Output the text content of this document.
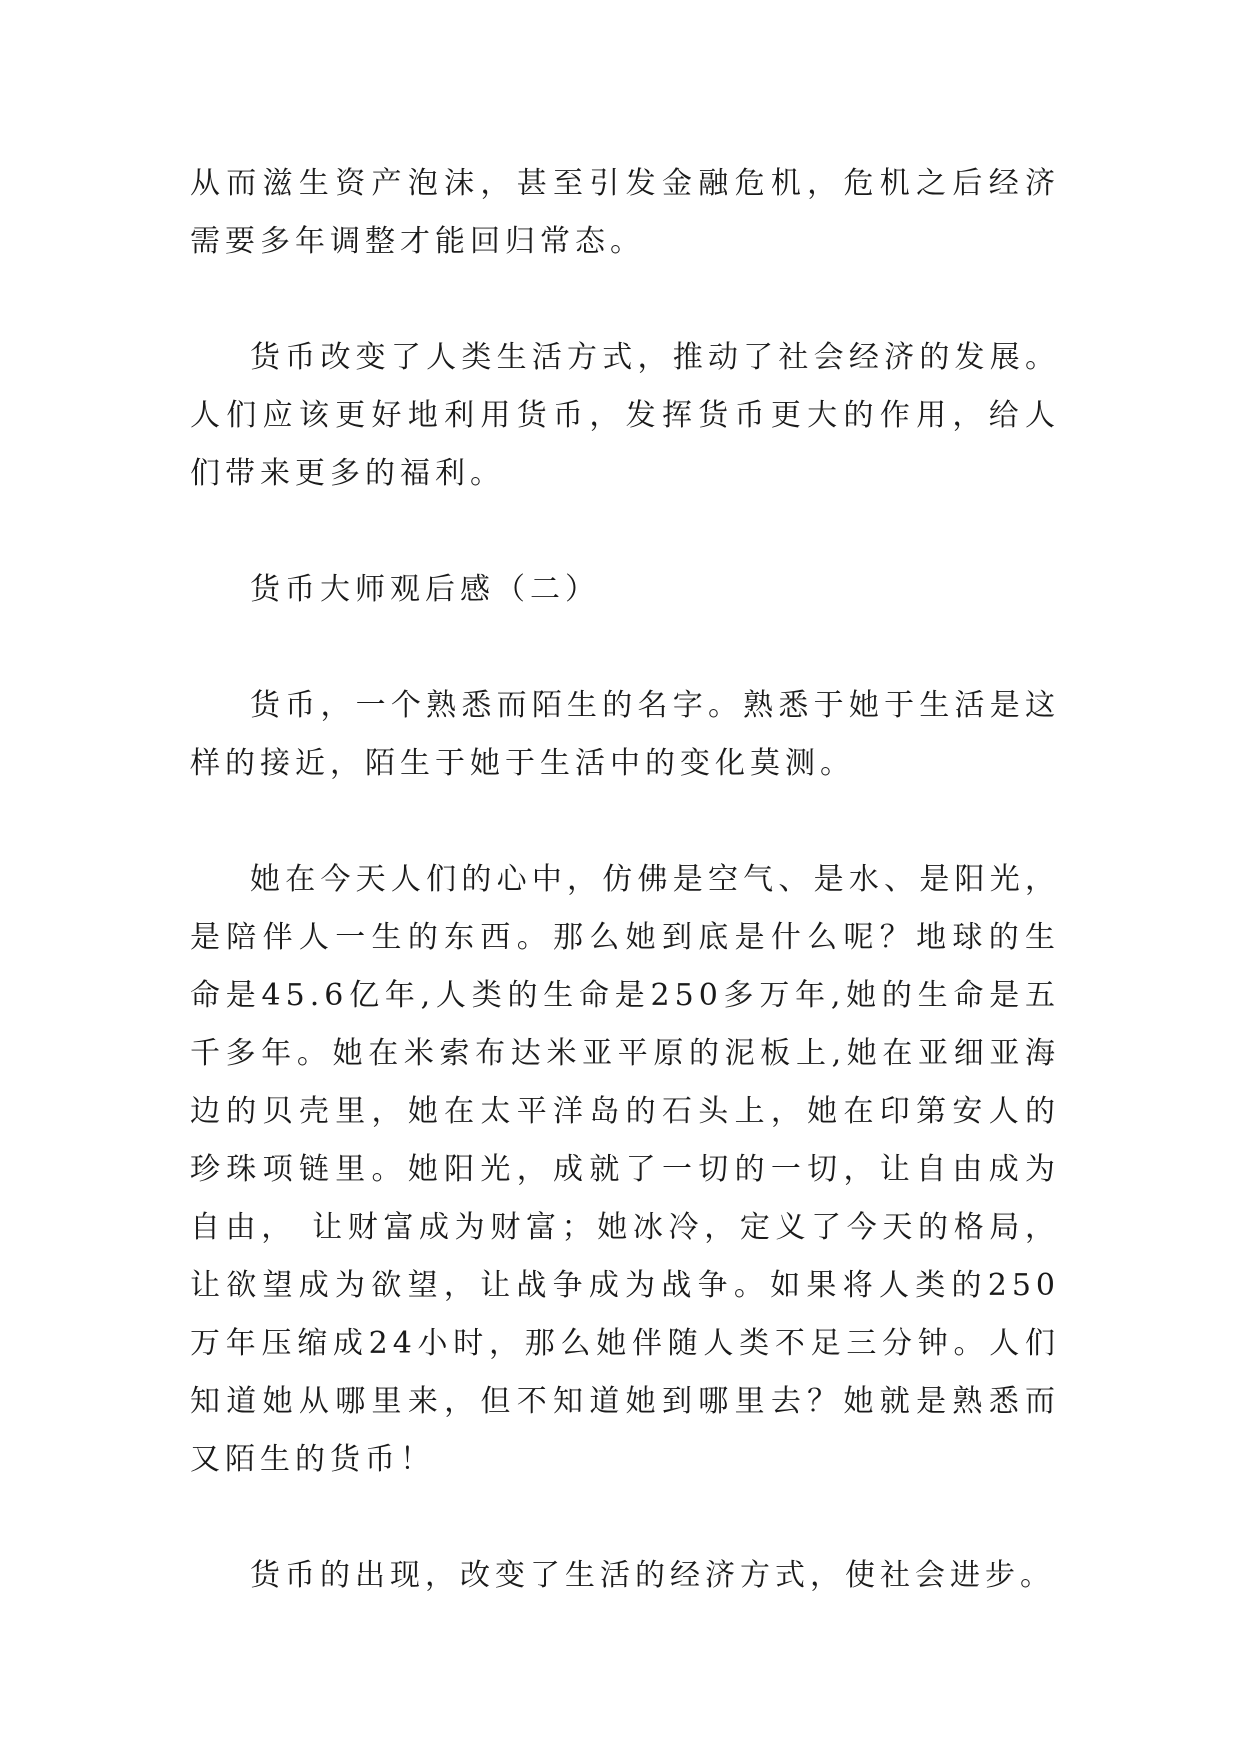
从而滋生资产泡沫，甚至引发金融危机，危机之后经济需要多年调整才能回归常态。

货币改变了人类生活方式，推动了社会经济的发展。人们应该更好地利用货币，发挥货币更大的作用，给人们带来更多的福利。

货币大师观后感（二）

货币，一个熟悉而陌生的名字。熟悉于她于生活是这样的接近，陌生于她于生活中的变化莫测。

她在今天人们的心中，仿佛是空气、是水、是阳光，是陪伴人一生的东西。那么她到底是什么呢？地球的生命是45.6亿年,人类的生命是250多万年,她的生命是五千多年。她在米索布达米亚平原的泥板上,她在亚细亚海边的贝壳里，她在太平洋岛的石头上，她在印第安人的珍珠项链里。她阳光，成就了一切的一切，让自由成为自由， 让财富成为财富；她冰冷，定义了今天的格局，让欲望成为欲望，让战争成为战争。如果将人类的250万年压缩成24小时，那么她伴随人类不足三分钟。人们知道她从哪里来，但不知道她到哪里去？她就是熟悉而又陌生的货币！

货币的出现，改变了生活的经济方式，使社会进步。
